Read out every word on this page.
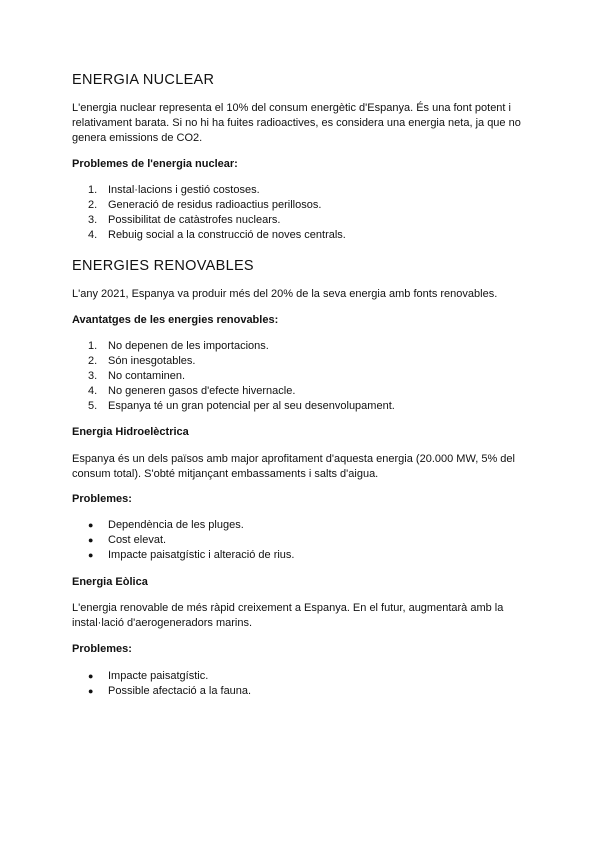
ENERGIA NUCLEAR

L'energia nuclear representa el 10% del consum energètic d'Espanya. És una font potent i relativament barata. Si no hi ha fuites radioactives, es considera una energia neta, ja que no genera emissions de CO2.

Problemes de l'energia nuclear:
1. Instal·lacions i gestió costoses.
2. Generació de residus radioactius perillosos.
3. Possibilitat de catàstrofes nuclears.
4. Rebuig social a la construcció de noves centrals.
ENERGIES RENOVABLES

L'any 2021, Espanya va produir més del 20% de la seva energia amb fonts renovables.

Avantatges de les energies renovables:
1. No depenen de les importacions.
2. Són inesgotables.
3. No contaminen.
4. No generen gasos d'efecte hivernacle.
5. Espanya té un gran potencial per al seu desenvolupament.
Energia Hidroelèctrica

Espanya és un dels països amb major aprofitament d'aquesta energia (20.000 MW, 5% del consum total). S'obté mitjançant embassaments i salts d'aigua.

Problemes:
● Dependència de les pluges.
● Cost elevat.
● Impacte paisatgístic i alteració de rius.
Energia Eòlica

L'energia renovable de més ràpid creixement a Espanya. En el futur, augmentarà amb la instal·lació d'aerogeneradors marins.

Problemes:
● Impacte paisatgístic.
● Possible afectació a la fauna.
